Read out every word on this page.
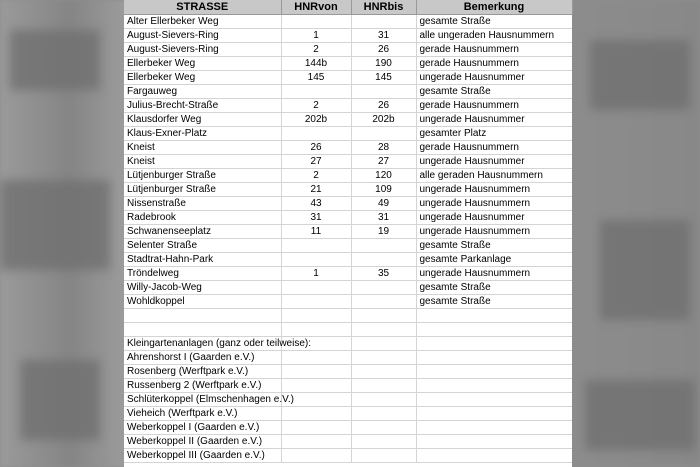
STRASSE	HNRvon	HNRbis	Bemerkung
Alter Ellerbeker Weg			gesamte Straße
August-Sievers-Ring	1	31	alle ungeraden Hausnummern
August-Sievers-Ring	2	26	gerade Hausnummern
Ellerbeker Weg	144b	190	gerade Hausnummern
Ellerbeker Weg	145	145	ungerade Hausnummer
Fargauweg			gesamte Straße
Julius-Brecht-Straße	2	26	gerade Hausnummern
Klausdorfer Weg	202b	202b	ungerade Hausnummer
Klaus-Exner-Platz			gesamter Platz
Kneist	26	28	gerade Hausnummern
Kneist	27	27	ungerade Hausnummer
Lütjenburger Straße	2	120	alle geraden Hausnummern
Lütjenburger Straße	21	109	ungerade Hausnummern
Nissenstraße	43	49	ungerade Hausnummern
Radebrook	31	31	ungerade Hausnummer
Schwanenseeplatz	11	19	ungerade Hausnummern
Selenter Straße			gesamte Straße
Stadtrat-Hahn-Park			gesamte Parkanlage
Tröndelweg	1	35	ungerade Hausnummern
Willy-Jacob-Weg			gesamte Straße
Wohldkoppel			gesamte Straße

Kleingartenanlagen (ganz oder teilweise):			
Ahrenshorst I (Gaarden e.V.)			
Rosenberg (Werftpark e.V.)			
Russenberg 2 (Werftpark e.V.)			
Schlüterkoppel (Elmschenhagen e.V.)			
Vieheich (Werftpark e.V.)			
Weberkoppel I (Gaarden e.V.)			
Weberkoppel II (Gaarden e.V.)			
Weberkoppel III (Gaarden e.V.)			
